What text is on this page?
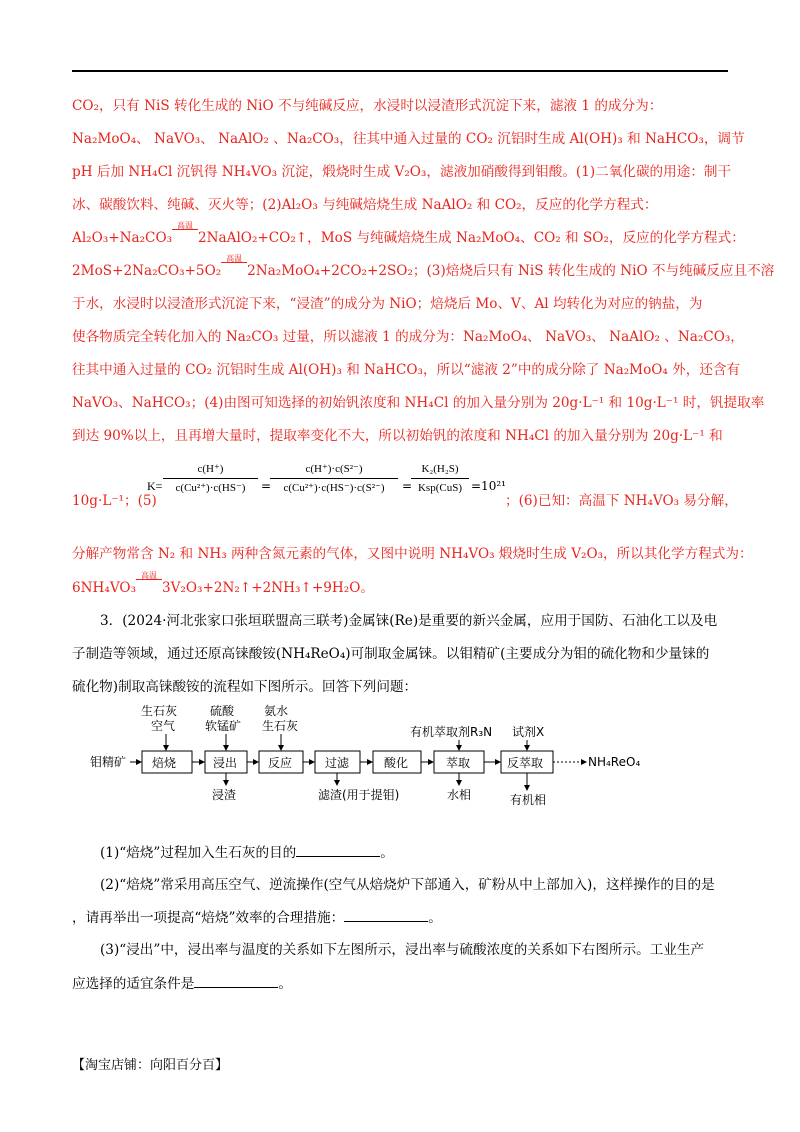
CO₂，只有 NiS 转化生成的 NiO 不与纯碱反应，水浸时以浸渣形式沉淀下来，滤液 1 的成分为：
Na₂MoO₄、 NaVO₃、 NaAlO₂ 、Na₂CO₃，往其中通入过量的 CO₂ 沉铝时生成 Al(OH)₃ 和 NaHCO₃，调节
pH 后加 NH₄Cl 沉钒得 NH₄VO₃ 沉淀，煅烧时生成 V₂O₃，滤液加硝酸得到钼酸。(1)二氧化碳的用途：制干
冰、碳酸饮料、纯碱、灭火等；(2)Al₂O₃ 与纯碱焙烧生成 NaAlO₂ 和 CO₂，反应的化学方程式：
Al₂O₃+Na₂CO₃
高温
2NaAlO₂+CO₂↑，MoS 与纯碱焙烧生成 Na₂MoO₄、CO₂ 和 SO₂，反应的化学方程式：
2MoS+2Na₂CO₃+5O₂
高温
2Na₂MoO₄+2CO₂+2SO₂；(3)焙烧后只有 NiS 转化生成的 NiO 不与纯碱反应且不溶
于水，水浸时以浸渣形式沉淀下来，“浸渣”的成分为 NiO；焙烧后 Mo、V、Al 均转化为对应的钠盐，为
使各物质完全转化加入的 Na₂CO₃ 过量，所以滤液 1 的成分为：Na₂MoO₄、 NaVO₃、 NaAlO₂ 、Na₂CO₃，
往其中通入过量的 CO₂ 沉铝时生成 Al(OH)₃ 和 NaHCO₃，所以“滤液 2”中的成分除了 Na₂MoO₄ 外，还含有
NaVO₃、NaHCO₃；(4)由图可知选择的初始钒浓度和 NH₄Cl 的加入量分别为 20g·L⁻¹ 和 10g·L⁻¹ 时，钒提取率
到达 90%以上，且再增大量时，提取率变化不大，所以初始钒的浓度和 NH₄Cl 的加入量分别为 20g·L⁻¹ 和
10g·L⁻¹；(5)	；(6)已知：高温下 NH₄VO₃ 易分解，
分解产物常含 N₂ 和 NH₃ 两种含氮元素的气体，又图中说明 NH₄VO₃ 煅烧时生成 V₂O₃，所以其化学方程式为：
6NH₄VO₃
高温
3V₂O₃+2N₂↑+2NH₃↑+9H₂O。
K=
c(H⁺)
c(Cu²⁺)·c(HS⁻)	=
c(H⁺)·c(S²⁻)
c(Cu²⁺)·c(HS⁻)·c(S²⁻)	=
K₂(H₂S)
Ksp(CuS) =10²¹
3．(2024·河北张家口张垣联盟高三联考)金属铼(Re)是重要的新兴金属，应用于国防、石油化工以及电
子制造等领域，通过还原高铼酸铵(NH₄ReO₄)可制取金属铼。以钼精矿(主要成分为钼的硫化物和少量铼的
硫化物)制取高铼酸铵的流程如下图所示。回答下列问题：
钼精矿 焙烧	浸出	反应	过滤	酸化	萃取	反萃取	NH₄ReO₄
生石灰
空气
硫酸
软锰矿
氨水
生石灰	有机萃取剂R₃N 试剂X
浸渣	滤渣(用于提钼)	水相	有机相
(1)“焙烧”过程加入生石灰的目的	。
(2)“焙烧”常采用高压空气、逆流操作(空气从焙烧炉下部通入，矿粉从中上部加入)，这样操作的目的是
，请再举出一项提高“焙烧”效率的合理措施：	。
(3)“浸出”中，浸出率与温度的关系如下左图所示，浸出率与硫酸浓度的关系如下右图所示。工业生产
应选择的适宜条件是	。
【淘宝店铺：向阳百分百】
